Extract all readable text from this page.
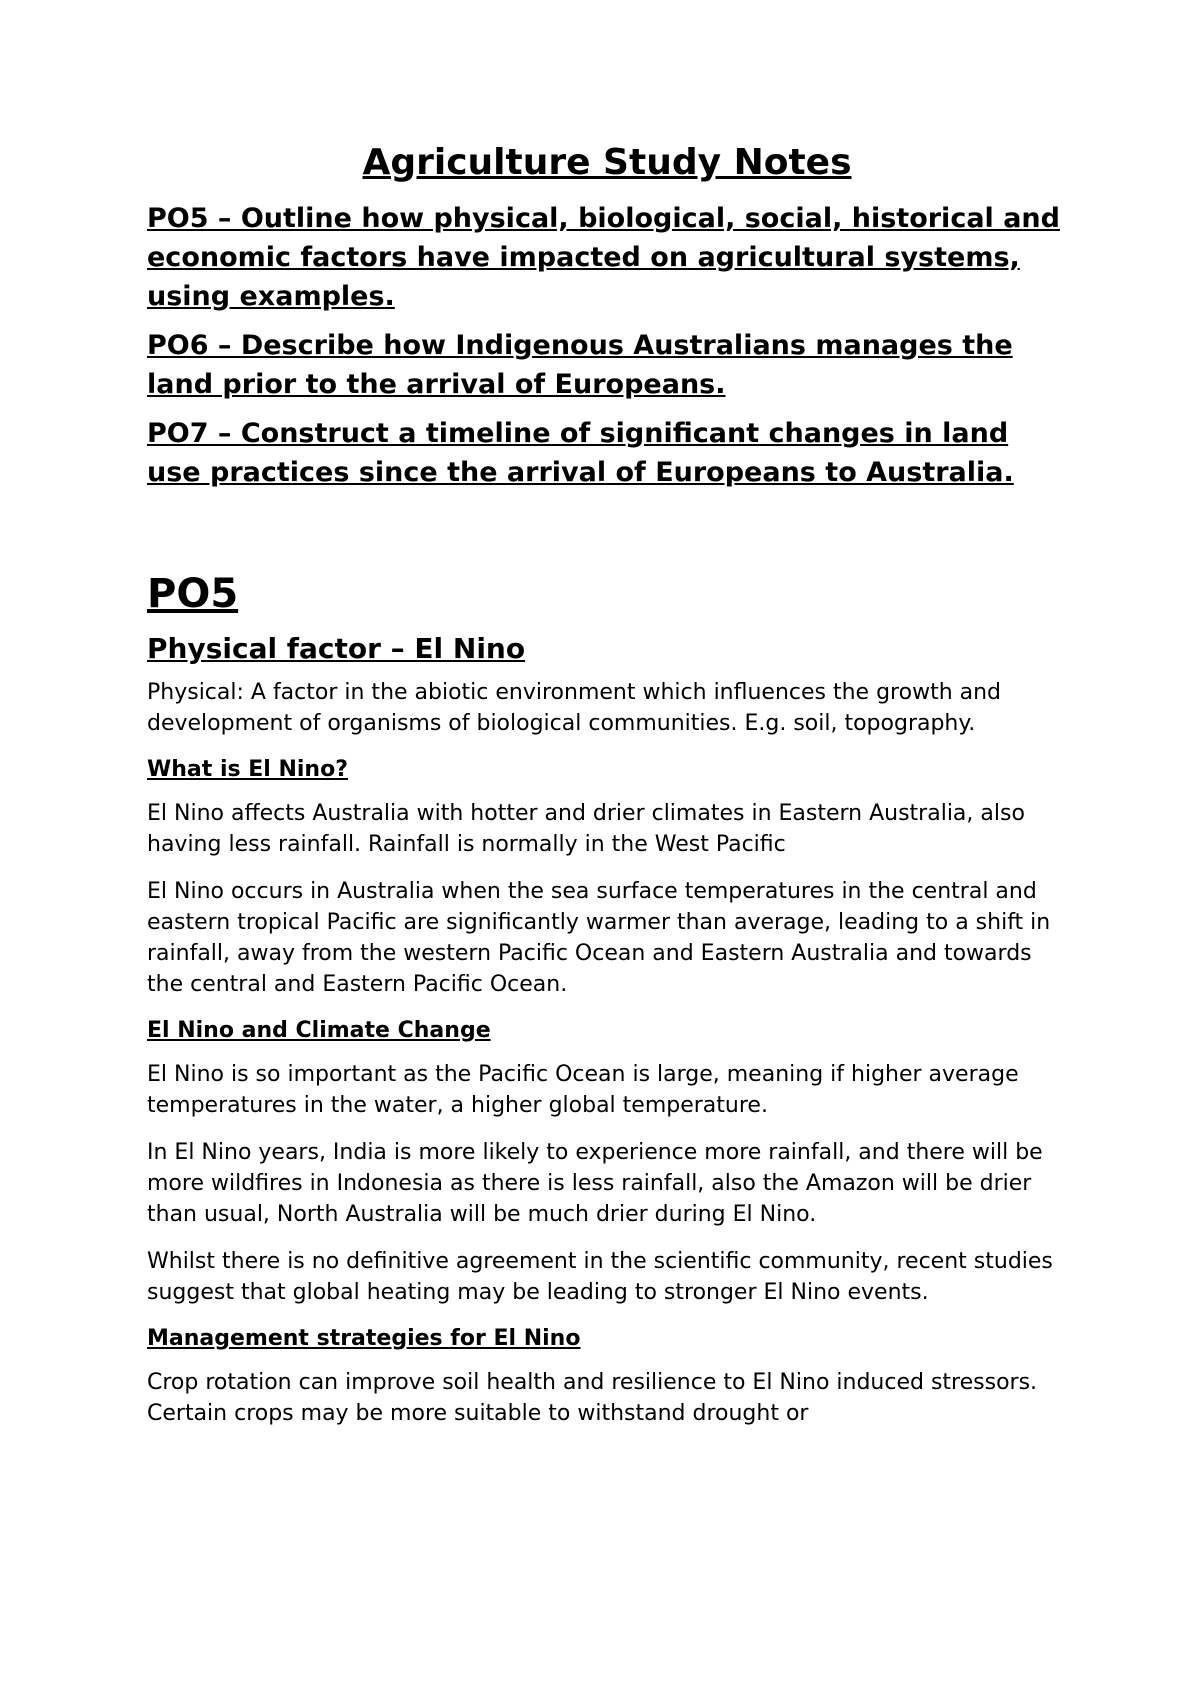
Agriculture Study Notes
PO5 – Outline how physical, biological, social, historical and economic factors have impacted on agricultural systems, using examples.
PO6 – Describe how Indigenous Australians manages the land prior to the arrival of Europeans.
PO7 – Construct a timeline of significant changes in land use practices since the arrival of Europeans to Australia.
PO5
Physical factor – El Nino
Physical: A factor in the abiotic environment which influences the growth and development of organisms of biological communities. E.g. soil, topography.
What is El Nino?
El Nino affects Australia with hotter and drier climates in Eastern Australia, also having less rainfall. Rainfall is normally in the West Pacific
El Nino occurs in Australia when the sea surface temperatures in the central and eastern tropical Pacific are significantly warmer than average, leading to a shift in rainfall, away from the western Pacific Ocean and Eastern Australia and towards the central and Eastern Pacific Ocean.
El Nino and Climate Change
El Nino is so important as the Pacific Ocean is large, meaning if higher average temperatures in the water, a higher global temperature.
In El Nino years, India is more likely to experience more rainfall, and there will be more wildfires in Indonesia as there is less rainfall, also the Amazon will be drier than usual, North Australia will be much drier during El Nino.
Whilst there is no definitive agreement in the scientific community, recent studies suggest that global heating may be leading to stronger El Nino events.
Management strategies for El Nino
Crop rotation can improve soil health and resilience to El Nino induced stressors. Certain crops may be more suitable to withstand drought or
